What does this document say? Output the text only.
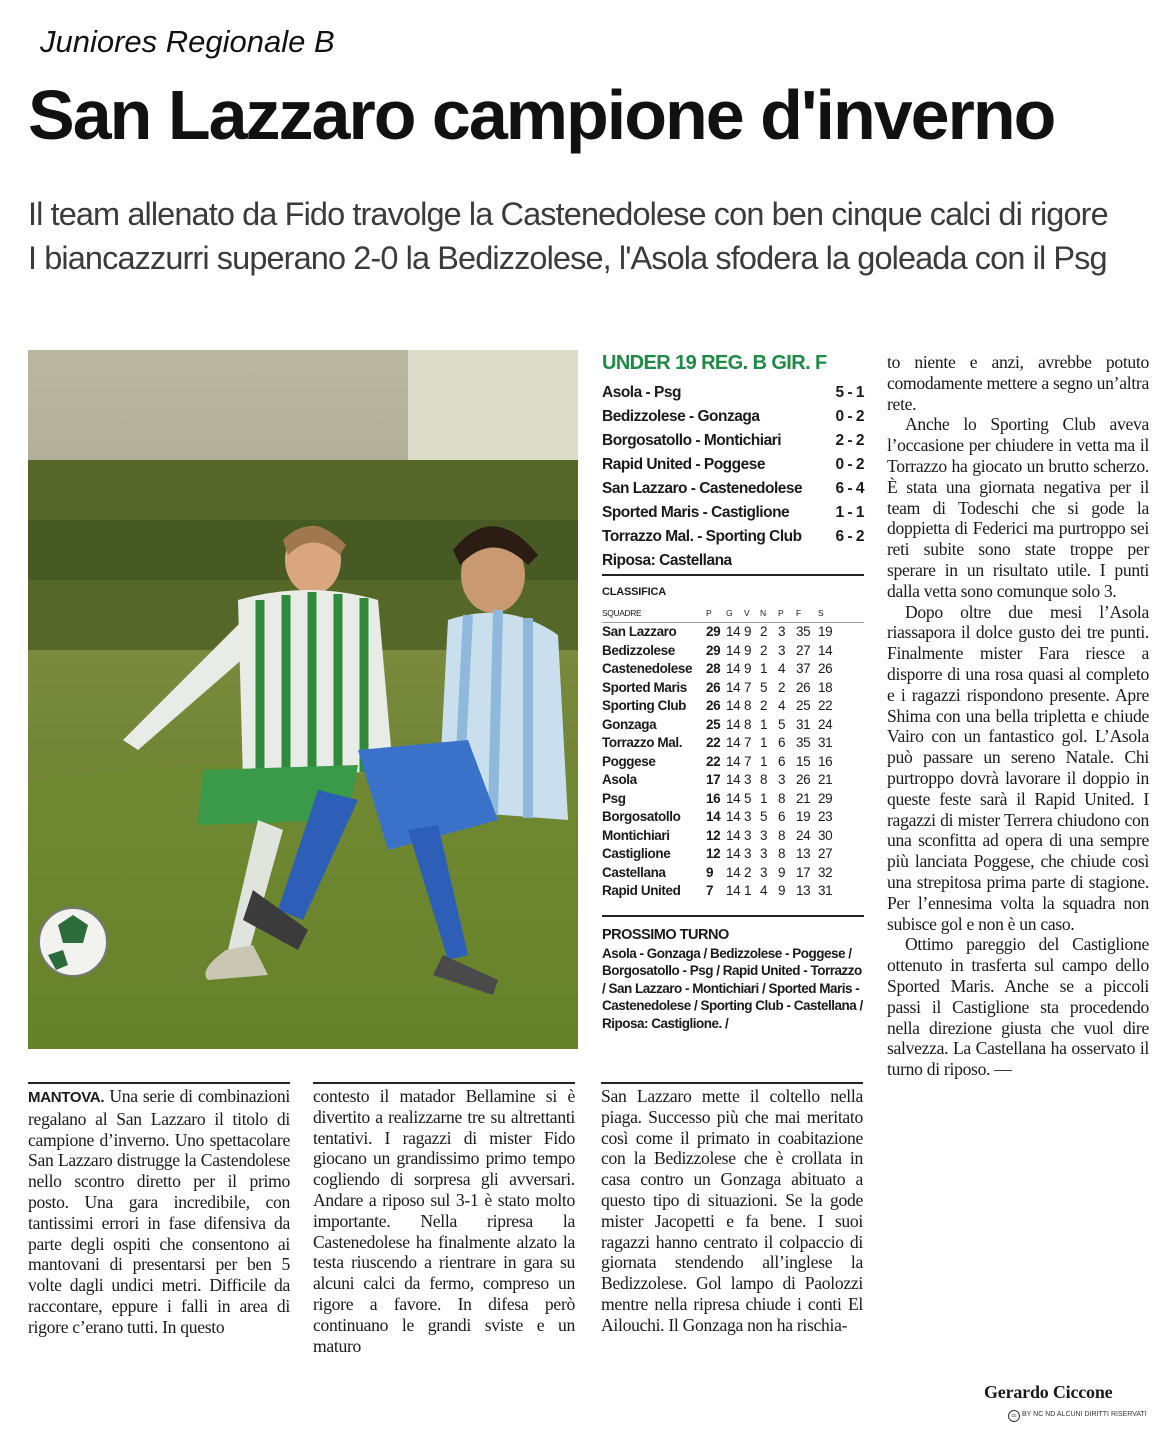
Juniores Regionale B
San Lazzaro campione d'inverno
Il team allenato da Fido travolge la Castenedolese con ben cinque calci di rigore
I biancazzurri superano 2-0 la Bedizzolese, l'Asola sfodera la goleada con il Psg
UNDER 19 REG. B GIR. F
Asola - Psg	5 - 1
Bedizzolese - Gonzaga	0 - 2
Borgosatollo - Montichiari	2 - 2
Rapid United - Poggese	0 - 2
San Lazzaro - Castenedolese 6 - 4
Sported Maris - Castiglione	1 - 1
Torrazzo Mal. - Sporting Club 6 - 2
Riposa: Castellana
CLASSIFICA
SQUADRE	P	G	V	N	P	F	S
San Lazzaro	29 14 9 2 3 35 19
Bedizzolese	29 14 9 2 3 27 14
Castenedolese	28 14 9 1 4 37 26
Sported Maris	26 14 7 5 2 26 18
Sporting Club	26 14 8 2 4 25 22
Gonzaga	25 14 8 1 5 31 24
Torrazzo Mal.	22 14 7 1 6 35 31
Poggese	22 14 7 1 6 15 16
Asola	17 14 3 8 3 26 21
Psg	16 14 5 1 8 21 29
Borgosatollo	14 14 3 5 6 19 23
Montichiari	12 14 3 3 8 24 30
Castiglione	12 14 3 3 8 13 27
Castellana	9 14 2 3 9 17 32
Rapid United	7 14 1 4 9 13 31
PROSSIMO TURNO
Asola - Gonzaga / Bedizzolese - Poggese / Borgosatollo - Psg / Rapid United - Torrazzo / San Lazzaro - Montichiari / Sported Maris - Castenedolese / Sporting Club - Castellana / Riposa: Castiglione. /

MANTOVA. Una serie di combinazioni regalano al San Lazzaro il titolo di campione d’inverno. Uno spettacolare San Lazzaro distrugge la Castendolese nello scontro diretto per il primo posto. Una gara incredibile, con tantissimi errori in fase difensiva da parte degli ospiti che consentono ai mantovani di presentarsi per ben 5 volte dagli undici metri. Difficile da raccontare, eppure i falli in area di rigore c’erano tutti. In questo

contesto il matador Bellamine si è divertito a realizzarne tre su altrettanti tentativi. I ragazzi di mister Fido giocano un grandissimo primo tempo cogliendo di sorpresa gli avversari. Andare a riposo sul 3-1 è stato molto importante. Nella ripresa la Castenedolese ha finalmente alzato la testa riuscendo a rientrare in gara su alcuni calci da fermo, compreso un rigore a favore. In difesa però continuano le grandi sviste e un maturo

San Lazzaro mette il coltello nella piaga. Successo più che mai meritato così come il primato in coabitazione con la Bedizzolese che è crollata in casa contro un Gonzaga abituato a questo tipo di situazioni. Se la gode mister Jacopetti e fa bene. I suoi ragazzi hanno centrato il colpaccio di giornata stendendo all’inglese la Bedizzolese. Gol lampo di Paolozzi mentre nella ripresa chiude i conti El Ailouchi. Il Gonzaga non ha rischia-

to niente e anzi, avrebbe potuto comodamente mettere a segno un’altra rete.

Anche lo Sporting Club aveva l’occasione per chiudere in vetta ma il Torrazzo ha giocato un brutto scherzo. È stata una giornata negativa per il team di Todeschi che si gode la doppietta di Federici ma purtroppo sei reti subite sono state troppe per sperare in un risultato utile. I punti dalla vetta sono comunque solo 3.

Dopo oltre due mesi l’Asola riassapora il dolce gusto dei tre punti. Finalmente mister Fara riesce a disporre di una rosa quasi al completo e i ragazzi rispondono presente. Apre Shima con una bella tripletta e chiude Vairo con un fantastico gol. L’Asola può passare un sereno Natale. Chi purtroppo dovrà lavorare il doppio in queste feste sarà il Rapid United. I ragazzi di mister Terrera chiudono con una sconfitta ad opera di una sempre più lanciata Poggese, che chiude così una strepitosa prima parte di stagione. Per l’ennesima volta la squadra non subisce gol e non è un caso.

Ottimo pareggio del Castiglione ottenuto in trasferta sul campo dello Sported Maris. Anche se a piccoli passi il Castiglione sta procedendo nella direzione giusta che vuol dire salvezza. La Castellana ha osservato il turno di riposo. —

Gerardo Ciccone
cc BY NC ND ALCUNI DIRITTI RISERVATI
